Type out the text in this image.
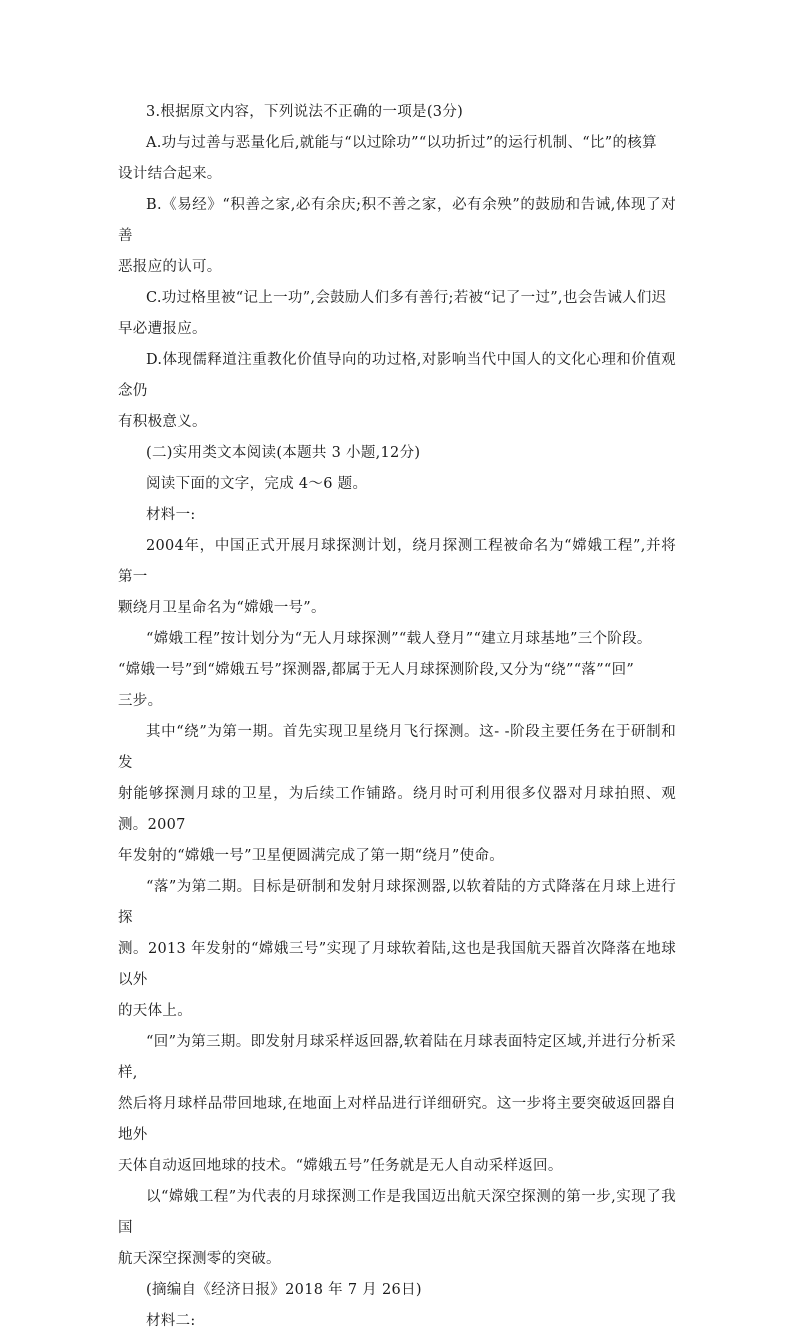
3.根据原文内容，下列说法不正确的一项是(3分)

A.功与过善与恶量化后,就能与“以过除功”“以功折过”的运行机制、“比”的核算

设计结合起来。

B.《易经》“积善之家,必有余庆;积不善之家，必有余殃”的鼓励和告诫,体现了对善

恶报应的认可。

C.功过格里被“记上一功”,会鼓励人们多有善行;若被“记了一过”,也会告诫人们迟

早必遭报应。

D.体现儒释道注重教化价值导向的功过格,对影响当代中国人的文化心理和价值观念仍

有积极意义。

(二)实用类文本阅读(本题共 3 小题,12分)

阅读下面的文字，完成 4～6 题。

材料一:

2004年，中国正式开展月球探测计划，绕月探测工程被命名为“嫦娥工程”,并将第一

颗绕月卫星命名为“嫦娥一号”。

“嫦娥工程”按计划分为“无人月球探测”“载人登月”“建立月球基地”三个阶段。

“嫦娥一号”到“嫦娥五号”探测器,都属于无人月球探测阶段,又分为“绕”“落”“回”

三步。

其中“绕”为第一期。首先实现卫星绕月飞行探测。这- -阶段主要任务在于研制和发

射能够探测月球的卫星，为后续工作铺路。绕月时可利用很多仪器对月球拍照、观测。2007

年发射的“嫦娥一号”卫星便圆满完成了第一期“绕月”使命。

“落”为第二期。目标是研制和发射月球探测器,以软着陆的方式降落在月球上进行探

测。2013 年发射的“嫦娥三号”实现了月球软着陆,这也是我国航天器首次降落在地球以外

的天体上。

“回”为第三期。即发射月球采样返回器,软着陆在月球表面特定区域,并进行分析采样,

然后将月球样品带回地球,在地面上对样品进行详细研究。这一步将主要突破返回器自地外

天体自动返回地球的技术。“嫦娥五号”任务就是无人自动采样返回。

以“嫦娥工程”为代表的月球探测工作是我国迈出航天深空探测的第一步,实现了我国

航天深空探测零的突破。

(摘编自《经济日报》2018 年 7 月 26日)

材料二:
